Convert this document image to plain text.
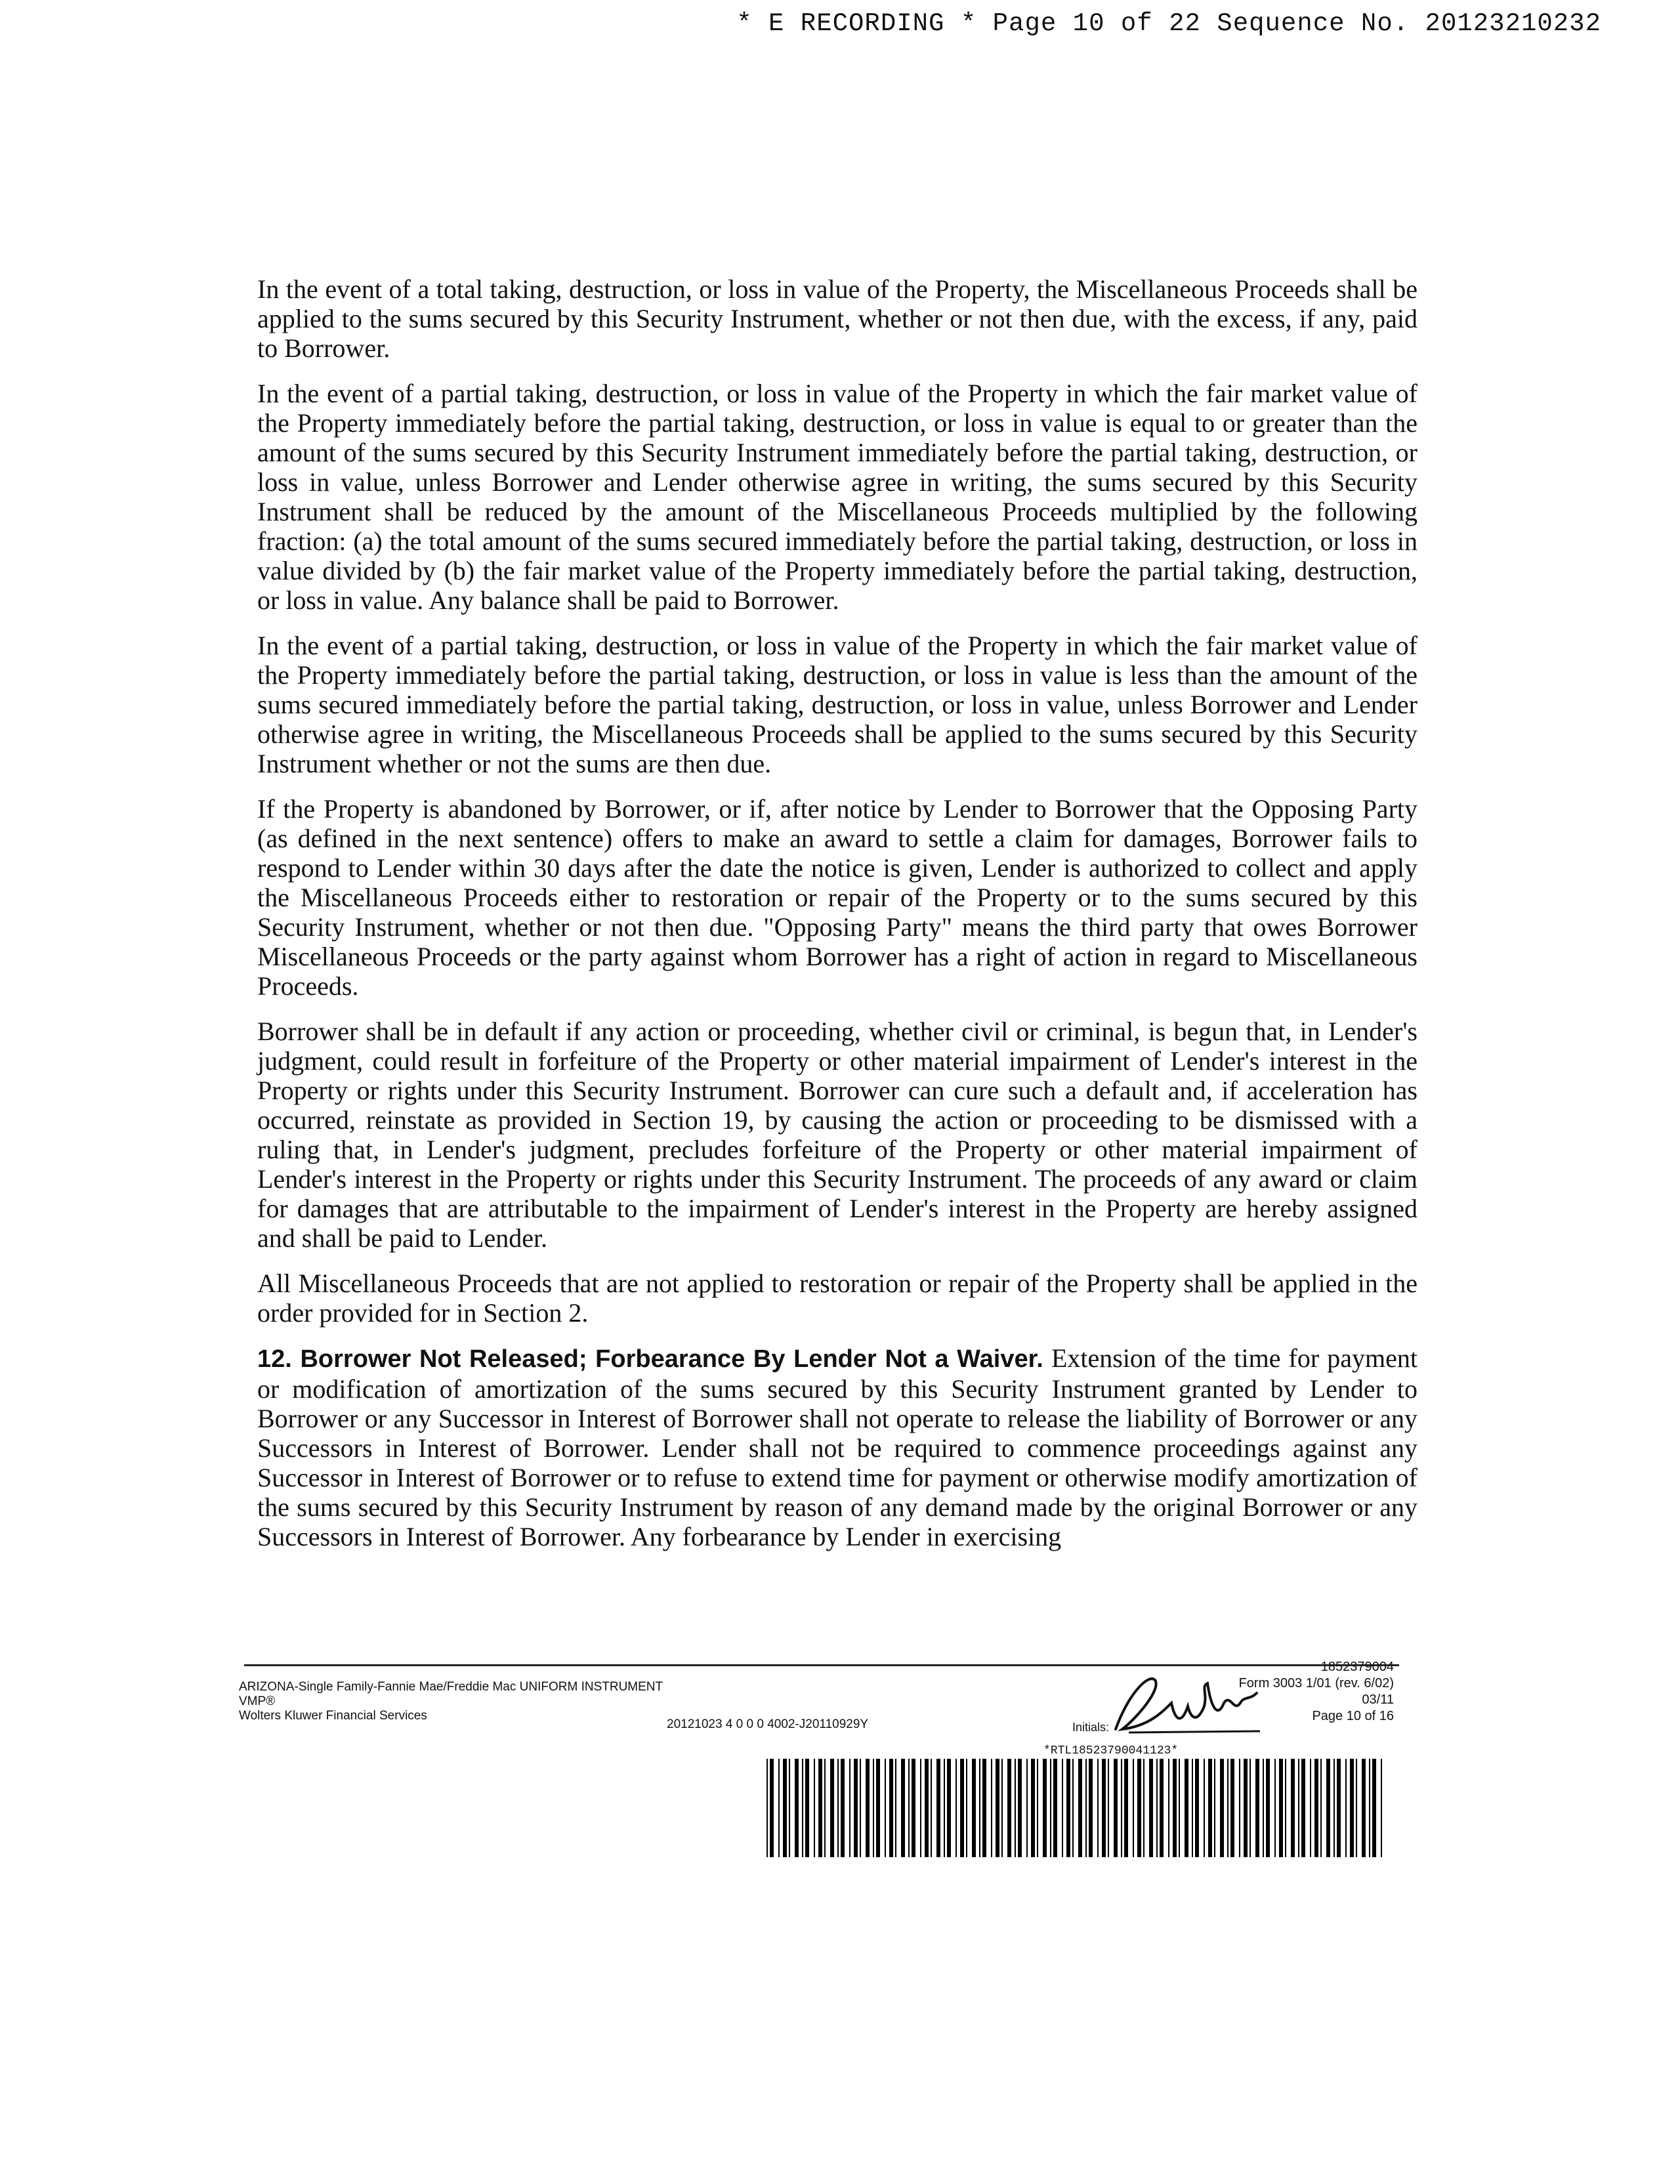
* E RECORDING * Page 10 of 22 Sequence No. 20123210232

In the event of a total taking, destruction, or loss in value of the Property, the Miscellaneous Proceeds shall be applied to the sums secured by this Security Instrument, whether or not then due, with the excess, if any, paid to Borrower.

In the event of a partial taking, destruction, or loss in value of the Property in which the fair market value of the Property immediately before the partial taking, destruction, or loss in value is equal to or greater than the amount of the sums secured by this Security Instrument immediately before the partial taking, destruction, or loss in value, unless Borrower and Lender otherwise agree in writing, the sums secured by this Security Instrument shall be reduced by the amount of the Miscellaneous Proceeds multiplied by the following fraction: (a) the total amount of the sums secured immediately before the partial taking, destruction, or loss in value divided by (b) the fair market value of the Property immediately before the partial taking, destruction, or loss in value. Any balance shall be paid to Borrower.

In the event of a partial taking, destruction, or loss in value of the Property in which the fair market value of the Property immediately before the partial taking, destruction, or loss in value is less than the amount of the sums secured immediately before the partial taking, destruction, or loss in value, unless Borrower and Lender otherwise agree in writing, the Miscellaneous Proceeds shall be applied to the sums secured by this Security Instrument whether or not the sums are then due.

If the Property is abandoned by Borrower, or if, after notice by Lender to Borrower that the Opposing Party (as defined in the next sentence) offers to make an award to settle a claim for damages, Borrower fails to respond to Lender within 30 days after the date the notice is given, Lender is authorized to collect and apply the Miscellaneous Proceeds either to restoration or repair of the Property or to the sums secured by this Security Instrument, whether or not then due. "Opposing Party" means the third party that owes Borrower Miscellaneous Proceeds or the party against whom Borrower has a right of action in regard to Miscellaneous Proceeds.

Borrower shall be in default if any action or proceeding, whether civil or criminal, is begun that, in Lender's judgment, could result in forfeiture of the Property or other material impairment of Lender's interest in the Property or rights under this Security Instrument. Borrower can cure such a default and, if acceleration has occurred, reinstate as provided in Section 19, by causing the action or proceeding to be dismissed with a ruling that, in Lender's judgment, precludes forfeiture of the Property or other material impairment of Lender's interest in the Property or rights under this Security Instrument. The proceeds of any award or claim for damages that are attributable to the impairment of Lender's interest in the Property are hereby assigned and shall be paid to Lender.

All Miscellaneous Proceeds that are not applied to restoration or repair of the Property shall be applied in the order provided for in Section 2.

12. Borrower Not Released; Forbearance By Lender Not a Waiver. Extension of the time for payment or modification of amortization of the sums secured by this Security Instrument granted by Lender to Borrower or any Successor in Interest of Borrower shall not operate to release the liability of Borrower or any Successors in Interest of Borrower. Lender shall not be required to commence proceedings against any Successor in Interest of Borrower or to refuse to extend time for payment or otherwise modify amortization of the sums secured by this Security Instrument by reason of any demand made by the original Borrower or any Successors in Interest of Borrower. Any forbearance by Lender in exercising

ARIZONA-Single Family-Fannie Mae/Freddie Mac UNIFORM INSTRUMENT
VMP®
Wolters Kluwer Financial Services
20121023 4 0 0 0 4002-J20110929Y
1852379004
Form 3003 1/01 (rev. 6/02)
03/11
Page 10 of 16
Initials:
*RTL18523790041123*
